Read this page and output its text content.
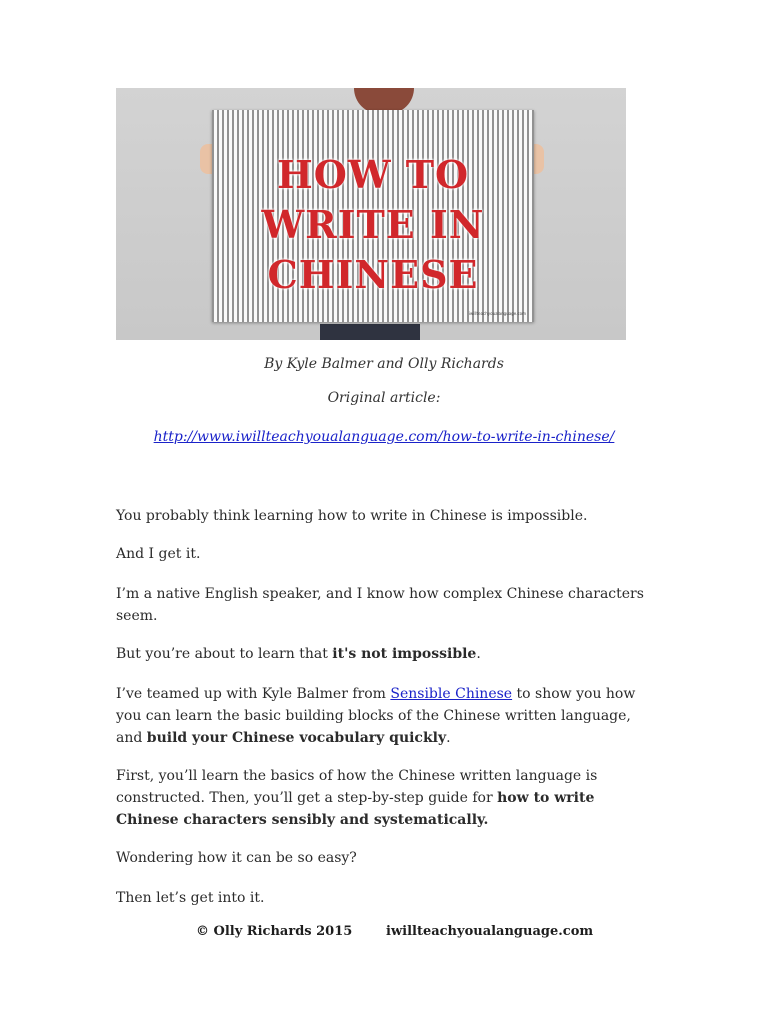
HOW TO
WRITE IN
CHINESE
iwillteachyoualanguage.com
By Kyle Balmer and Olly Richards
Original article:
http://www.iwillteachyoualanguage.com/how-to-write-in-chinese/

You probably think learning how to write in Chinese is impossible.

And I get it.

I’m a native English speaker, and I know how complex Chinese characters seem.

But you’re about to learn that it's not impossible.

I’ve teamed up with Kyle Balmer from Sensible Chinese to show you how you can learn the basic building blocks of the Chinese written language, and build your Chinese vocabulary quickly.

First, you’ll learn the basics of how the Chinese written language is constructed. Then, you’ll get a step-by-step guide for how to write Chinese characters sensibly and systematically.

Wondering how it can be so easy?

Then let’s get into it.

© Olly Richards 2015	iwillteachyoualanguage.com
